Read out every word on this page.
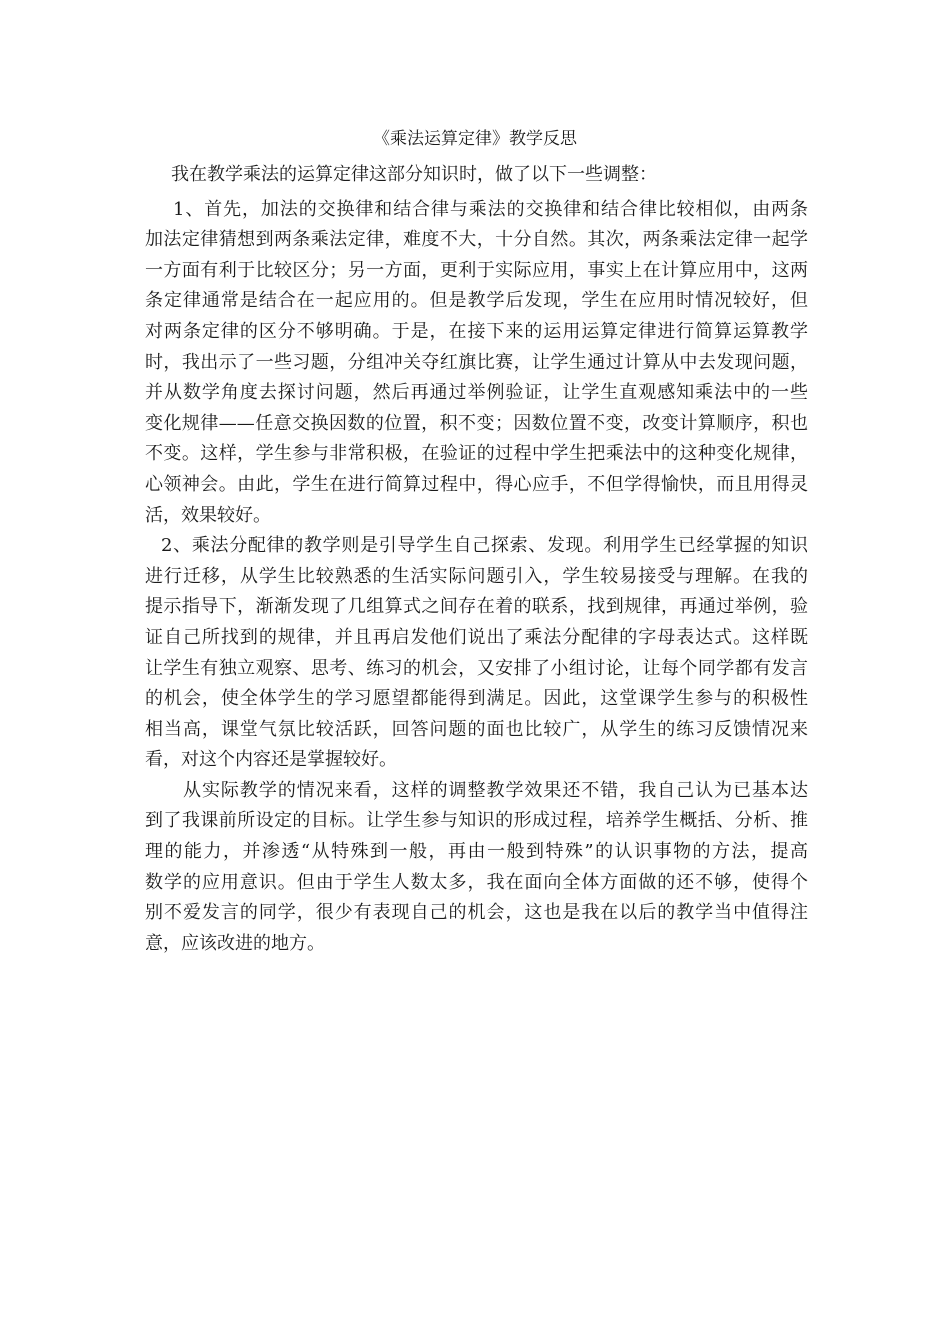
《乘法运算定律》教学反思

我在教学乘法的运算定律这部分知识时，做了以下一些调整：

1、首先，加法的交换律和结合律与乘法的交换律和结合律比较相似，由两条
加法定律猜想到两条乘法定律，难度不大，十分自然。其次，两条乘法定律一起学
一方面有利于比较区分；另一方面，更利于实际应用，事实上在计算应用中，这两
条定律通常是结合在一起应用的。但是教学后发现，学生在应用时情况较好，但
对两条定律的区分不够明确。于是，在接下来的运用运算定律进行简算运算教学
时，我出示了一些习题，分组冲关夺红旗比赛，让学生通过计算从中去发现问题，
并从数学角度去探讨问题，然后再通过举例验证，让学生直观感知乘法中的一些
变化规律——任意交换因数的位置，积不变；因数位置不变，改变计算顺序，积也
不变。这样，学生参与非常积极，在验证的过程中学生把乘法中的这种变化规律，
心领神会。由此，学生在进行简算过程中，得心应手，不但学得愉快，而且用得灵
活，效果较好。

2、乘法分配律的教学则是引导学生自己探索、发现。利用学生已经掌握的知识
进行迁移，从学生比较熟悉的生活实际问题引入，学生较易接受与理解。在我的
提示指导下，渐渐发现了几组算式之间存在着的联系，找到规律，再通过举例，验
证自己所找到的规律，并且再启发他们说出了乘法分配律的字母表达式。这样既
让学生有独立观察、思考、练习的机会，又安排了小组讨论，让每个同学都有发言
的机会，使全体学生的学习愿望都能得到满足。因此，这堂课学生参与的积极性
相当高，课堂气氛比较活跃，回答问题的面也比较广，从学生的练习反馈情况来
看，对这个内容还是掌握较好。

从实际教学的情况来看，这样的调整教学效果还不错，我自己认为已基本达
到了我课前所设定的目标。让学生参与知识的形成过程，培养学生概括、分析、推
理的能力，并渗透“从特殊到一般，再由一般到特殊”的认识事物的方法，提高
数学的应用意识。但由于学生人数太多，我在面向全体方面做的还不够，使得个
别不爱发言的同学，很少有表现自己的机会，这也是我在以后的教学当中值得注
意，应该改进的地方。
